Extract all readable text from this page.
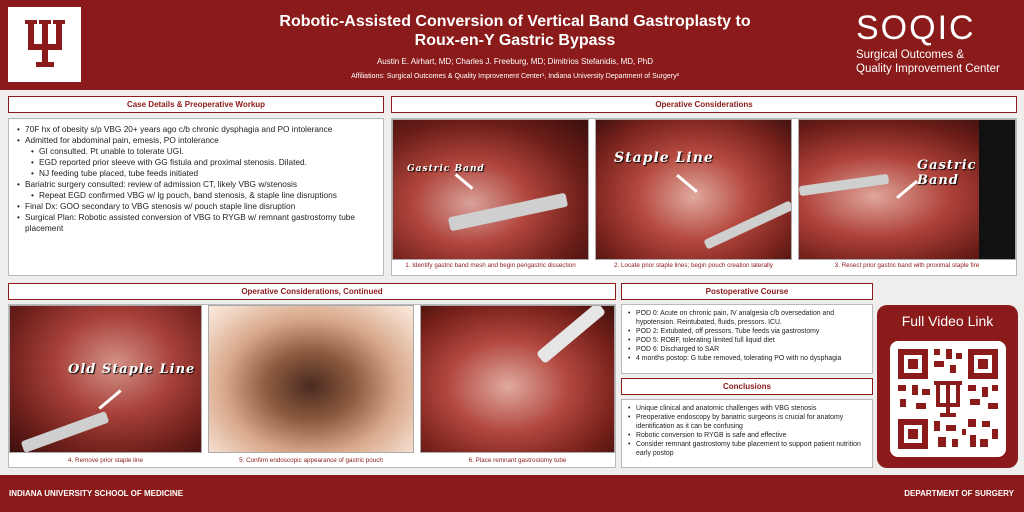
Robotic-Assisted Conversion of Vertical Band Gastroplasty to
Roux-en-Y Gastric Bypass
Austin E. Airhart, MD; Charles J. Freeburg, MD; Dimitrios Stefanidis, MD, PhD
Affiliations: Surgical Outcomes & Quality Improvement Center¹, Indiana University Department of Surgery²
SOQIC
Surgical Outcomes &
Quality Improvement Center
Case Details & Preoperative Workup
• 70F hx of obesity s/p VBG 20+ years ago c/b chronic dysphagia and PO intolerance
• Admitted for abdominal pain, emesis, PO intolerance
• GI consulted. Pt unable to tolerate UGI.
• EGD reported prior sleeve with GG fistula and proximal stenosis. Dilated.
• NJ feeding tube placed, tube feeds initiated
• Bariatric surgery consulted: review of admission CT, likely VBG w/stenosis
• Repeat EGD confirmed VBG w/ lg pouch, band stenosis, & staple line disruptions
• Final Dx: GOO secondary to VBG stenosis w/ pouch staple line disruption
• Surgical Plan: Robotic assisted conversion of VBG to RYGB w/ remnant gastrostomy tube placement
Operative Considerations
Gastric Band
1. Identify gastric band mesh and begin perigastric dissection
Staple Line
2. Locate prior staple lines; begin pouch creation laterally
Gastric Band
3. Resect prior gastric band with proximal staple fire
Operative Considerations, Continued
Old Staple Line
4. Remove prior staple line	5. Confirm endoscopic appearance of gastric pouch	6. Place remnant gastrostomy tube
Postoperative Course
• POD 0: Acute on chronic pain, IV analgesia c/b oversedation and hypotension. Reintubated, fluids, pressors. ICU.
• POD 2: Extubated, off pressors. Tube feeds via gastrostomy
• POD 5: ROBF, tolerating limited full liquid diet
• POD 6: Discharged to SAR
• 4 months postop: G tube removed, tolerating PO with no dysphagia
Conclusions
• Unique clinical and anatomic challenges with VBG stenosis
• Preoperative endoscopy by bariatric surgeons is crucial for anatomy identification as it can be confusing
• Robotic conversion to RYGB is safe and effective
• Consider remnant gastrostomy tube placement to support patient nutrition early postop
Full Video Link
INDIANA UNIVERSITY SCHOOL OF MEDICINE	DEPARTMENT OF SURGERY
